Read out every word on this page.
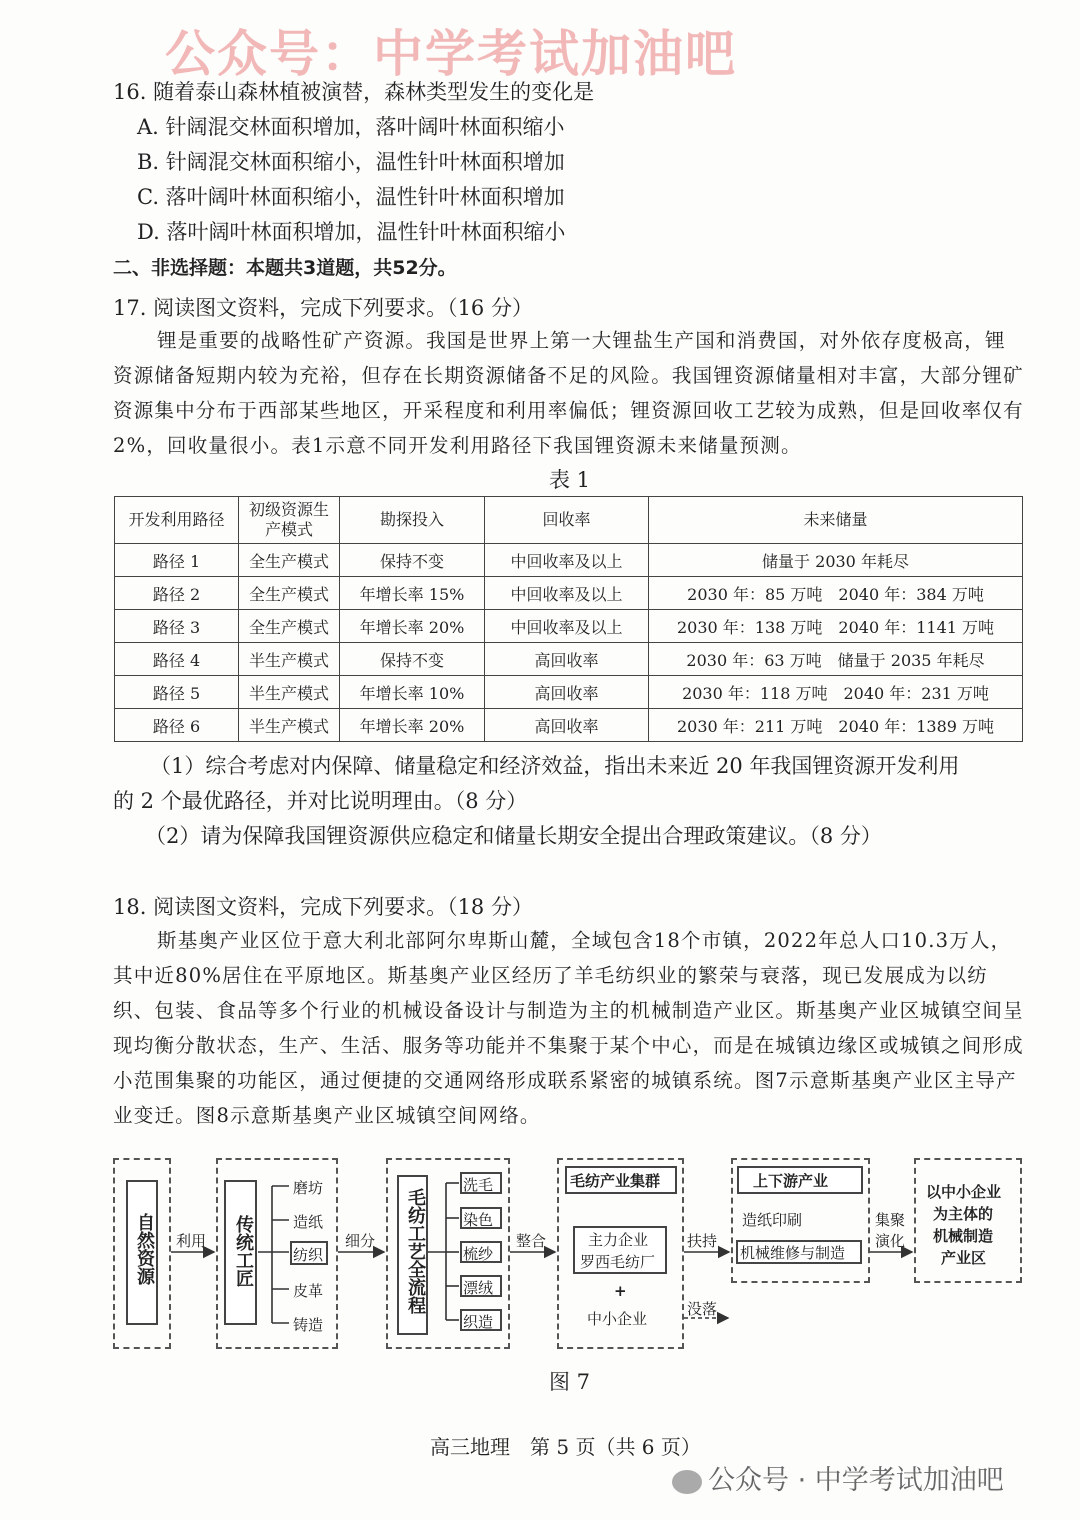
公众号：中学考试加油吧
16. 随着泰山森林植被演替，森林类型发生的变化是
A. 针阔混交林面积增加，落叶阔叶林面积缩小
B. 针阔混交林面积缩小，温性针叶林面积增加
C. 落叶阔叶林面积缩小，温性针叶林面积增加
D. 落叶阔叶林面积增加，温性针叶林面积缩小
二、非选择题：本题共3道题，共52分。
17. 阅读图文资料，完成下列要求。（16 分）
锂是重要的战略性矿产资源。我国是世界上第一大锂盐生产国和消费国，对外依存度极高，锂资源储备短期内较为充裕，但存在长期资源储备不足的风险。我国锂资源储量相对丰富，大部分锂矿资源集中分布于西部某些地区，开采程度和利用率偏低；锂资源回收工艺较为成熟，但是回收率仅有2%，回收量很小。表1示意不同开发利用路径下我国锂资源未来储量预测。
表 1
开发利用路径	初级资源生产模式	勘探投入	回收率	未来储量
路径 1	全生产模式	保持不变	中回收率及以上	储量于 2030 年耗尽
路径 2	全生产模式	年增长率 15%	中回收率及以上	2030 年：85 万吨　2040 年：384 万吨
路径 3	全生产模式	年增长率 20%	中回收率及以上	2030 年：138 万吨　2040 年：1141 万吨
路径 4	半生产模式	保持不变	高回收率	2030 年：63 万吨　储量于 2035 年耗尽
路径 5	半生产模式	年增长率 10%	高回收率	2030 年：118 万吨　2040 年：231 万吨
路径 6	半生产模式	年增长率 20%	高回收率	2030 年：211 万吨　2040 年：1389 万吨
（1）综合考虑对内保障、储量稳定和经济效益，指出未来近 20 年我国锂资源开发利用
的 2 个最优路径，并对比说明理由。（8 分）
（2）请为保障我国锂资源供应稳定和储量长期安全提出合理政策建议。（8 分）
18. 阅读图文资料，完成下列要求。（18 分）
斯基奥产业区位于意大利北部阿尔卑斯山麓，全域包含18个市镇，2022年总人口10.3万人，其中近80%居住在平原地区。斯基奥产业区经历了羊毛纺织业的繁荣与衰落，现已发展成为以纺织、包装、食品等多个行业的机械设备设计与制造为主的机械制造产业区。斯基奥产业区城镇空间呈现均衡分散状态，生产、生活、服务等功能并不集聚于某个中心，而是在城镇边缘区或城镇之间形成小范围集聚的功能区，通过便捷的交通网络形成联系紧密的城镇系统。图7示意斯基奥产业区主导产业变迁。图8示意斯基奥产业区城镇空间网络。
自然资源 利用 传统工匠
磨坊
造纸
纺织
皮革
铸造
细分 毛纺工艺全流程
洗毛
染色
梳纱
漂绒
织造
整合
毛纺产业集群
主力企业
罗西毛纺厂
+
中小企业
扶持
没落
上下游产业
造纸印刷
机械维修与制造
集聚
演化
以中小企业
为主体的
机械制造
产业区
图 7
高三地理　第 5 页（共 6 页）
公众号 · 中学考试加油吧
